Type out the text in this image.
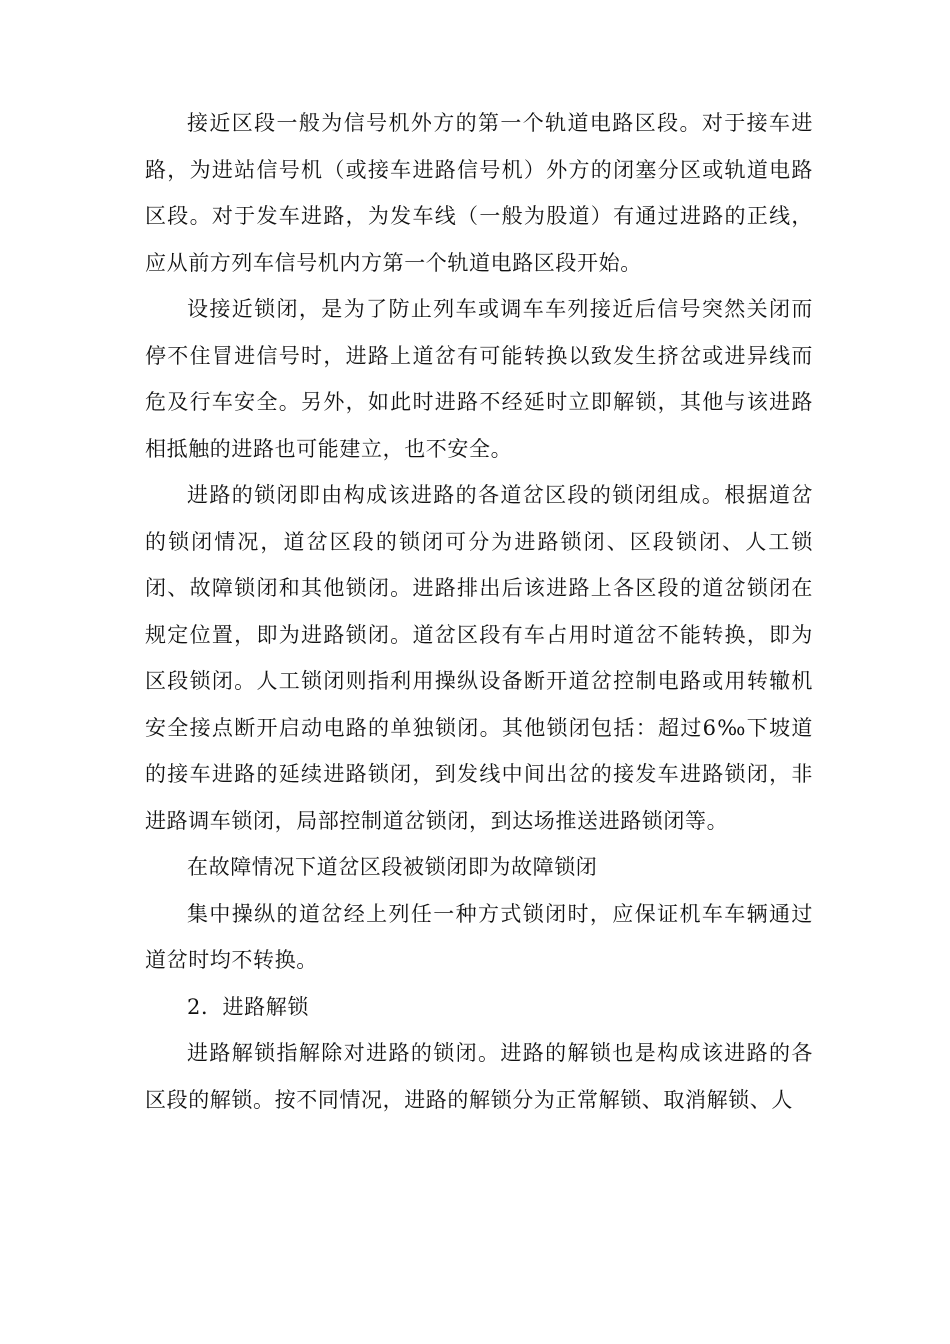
接近区段一般为信号机外方的第一个轨道电路区段。对于接车进路，为进站信号机（或接车进路信号机）外方的闭塞分区或轨道电路区段。对于发车进路，为发车线（一般为股道）有通过进路的正线，应从前方列车信号机内方第一个轨道电路区段开始。

设接近锁闭，是为了防止列车或调车车列接近后信号突然关闭而停不住冒进信号时，进路上道岔有可能转换以致发生挤岔或进异线而危及行车安全。另外，如此时进路不经延时立即解锁，其他与该进路相抵触的进路也可能建立，也不安全。

进路的锁闭即由构成该进路的各道岔区段的锁闭组成。根据道岔的锁闭情况，道岔区段的锁闭可分为进路锁闭、区段锁闭、人工锁闭、故障锁闭和其他锁闭。进路排出后该进路上各区段的道岔锁闭在规定位置，即为进路锁闭。道岔区段有车占用时道岔不能转换，即为区段锁闭。人工锁闭则指利用操纵设备断开道岔控制电路或用转辙机安全接点断开启动电路的单独锁闭。其他锁闭包括：超过6‰下坡道的接车进路的延续进路锁闭，到发线中间出岔的接发车进路锁闭，非进路调车锁闭，局部控制道岔锁闭，到达场推送进路锁闭等。

在故障情况下道岔区段被锁闭即为故障锁闭

集中操纵的道岔经上列任一种方式锁闭时，应保证机车车辆通过道岔时均不转换。

2．进路解锁

进路解锁指解除对进路的锁闭。进路的解锁也是构成该进路的各区段的解锁。按不同情况，进路的解锁分为正常解锁、取消解锁、人
